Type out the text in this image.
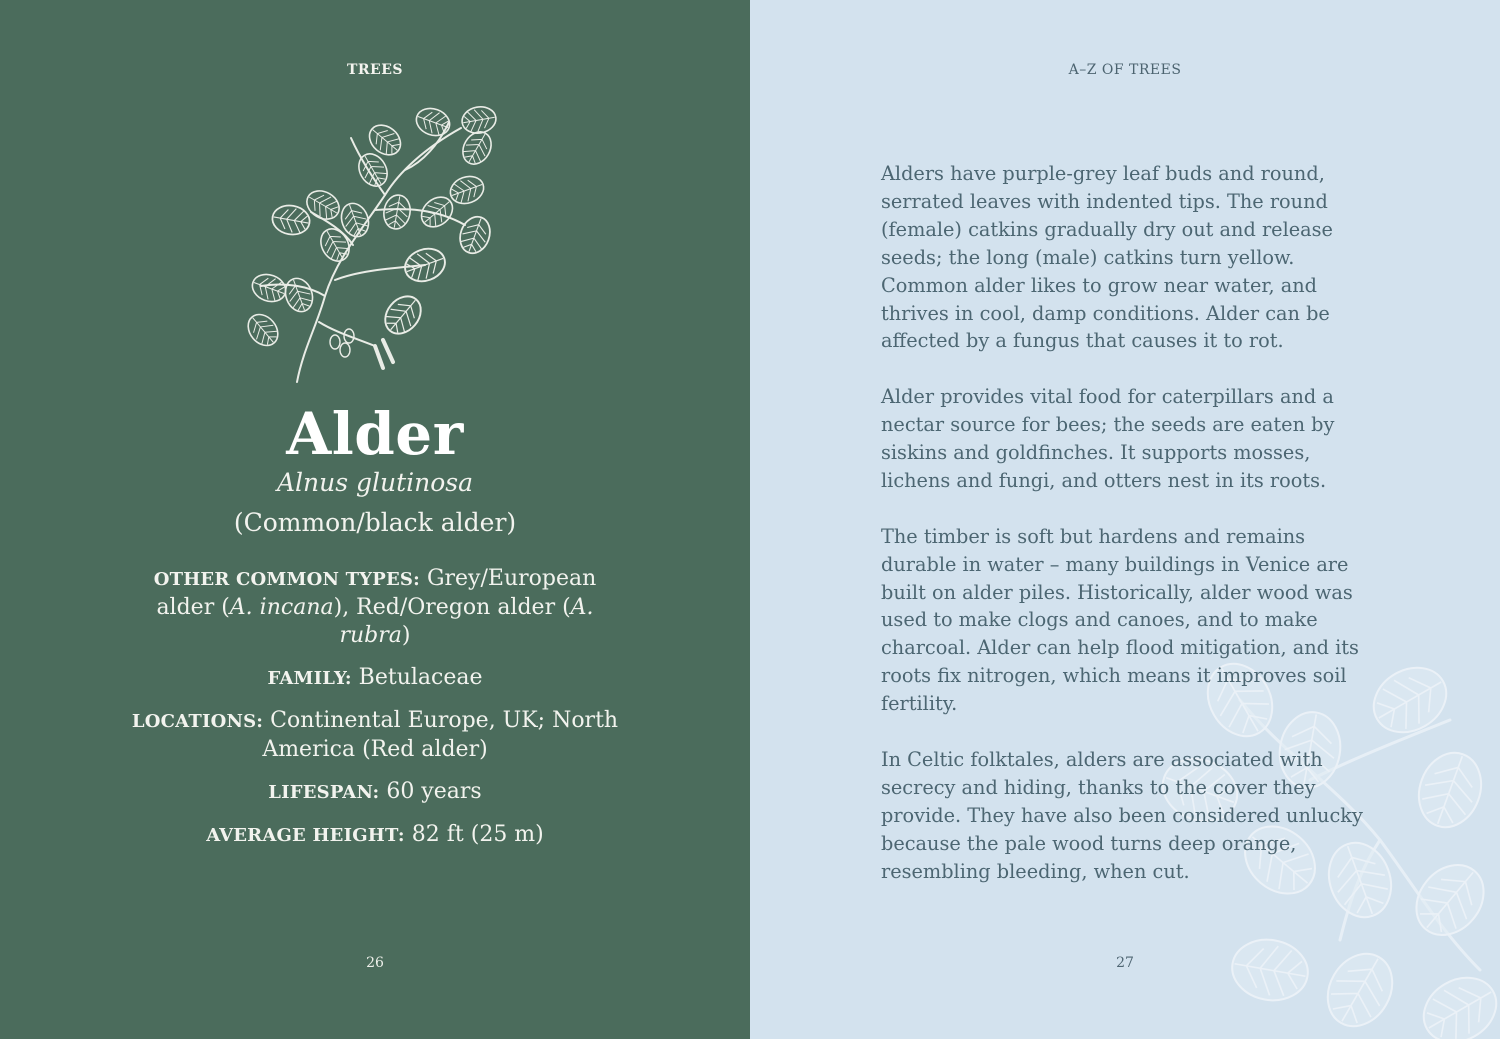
TREES
Alder
Alnus glutinosa
(Common/black alder)
OTHER COMMON TYPES: Grey/European alder (A. incana), Red/Oregon alder (A. rubra)
FAMILY: Betulaceae
LOCATIONS: Continental Europe, UK; North America (Red alder)
LIFESPAN: 60 years
AVERAGE HEIGHT: 82 ft (25 m)
26
A–Z OF TREES

Alders have purple-grey leaf buds and round, serrated leaves with indented tips. The round (female) catkins gradually dry out and release seeds; the long (male) catkins turn yellow. Common alder likes to grow near water, and thrives in cool, damp conditions. Alder can be affected by a fungus that causes it to rot.

Alder provides vital food for caterpillars and a nectar source for bees; the seeds are eaten by siskins and goldfinches. It supports mosses, lichens and fungi, and otters nest in its roots.

The timber is soft but hardens and remains durable in water – many buildings in Venice are built on alder piles. Historically, alder wood was used to make clogs and canoes, and to make charcoal. Alder can help flood mitigation, and its roots fix nitrogen, which means it improves soil fertility.

In Celtic folktales, alders are associated with secrecy and hiding, thanks to the cover they provide. They have also been considered unlucky because the pale wood turns deep orange, resembling bleeding, when cut.

27
